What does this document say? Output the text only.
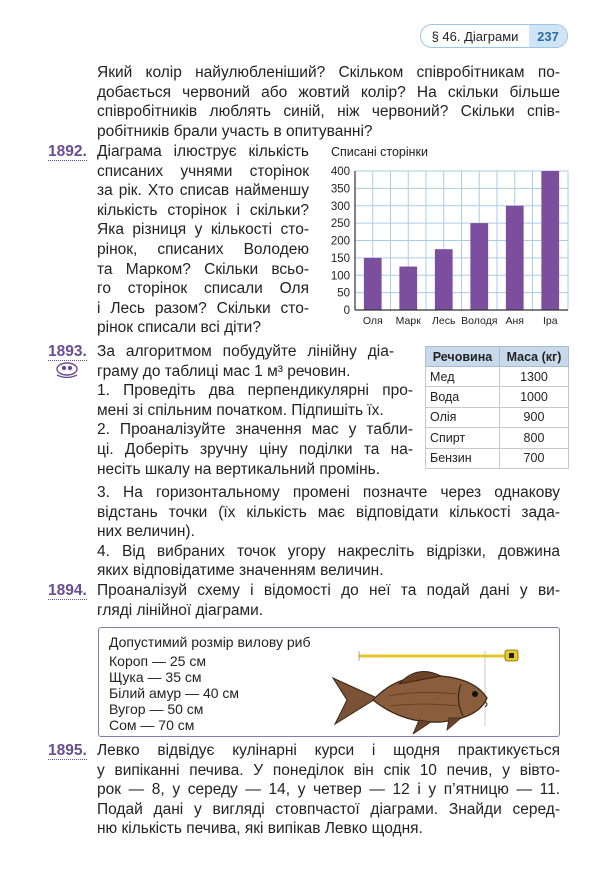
§ 46. Діаграми	237
Який колір найулюбленіший? Скільком співробітникам по-
добається червоний або жовтий колір? На скільки більше
співробітників люблять синій, ніж червоний? Скільки спів-
робітників брали участь в опитуванні?
1892. Діаграма ілюструє кількість
списаних учнями сторінок
за рік. Хто списав найменшу
кількість сторінок і скільки?
Яка різниця у кількості сто-
рінок, списаних Володею
та Марком? Скільки всьо-
го сторінок списали Оля
і Лесь разом? Скільки сто-
рінок списали всі діти?
Списані сторінки
0
50
100
150
200
250
300
350
400
Оля Марк Лесь Володя Аня Іра
1893. За алгоритмом побудуйте лінійну діа-
граму до таблиці мас 1 м³ речовин.
1. Проведіть два перпендикулярні про-
мені зі спільним початком. Підпишіть їх.
2. Проаналізуйте значення мас у табли-
ці. Доберіть зручну ціну поділки та на-
несіть шкалу на вертикальний промінь.
3. На горизонтальному промені позначте через однакову
відстань точки (їх кількість має відповідати кількості зада-
них величин).
4. Від вибраних точок угору накресліть відрізки, довжина
яких відповідатиме значенням величин.
Речовина	Маса (кг)
Мед	1300
Вода	1000
Олія	900
Спирт	800
Бензин	700
1894. Проаналізуй схему і відомості до неї та подай дані у ви-
гляді лінійної діаграми.
Допустимий розмір вилову риб
Короп — 25 см
Щука — 35 см
Білий амур — 40 см
Вугор — 50 см
Сом — 70 см
1895. Левко відвідує кулінарні курси і щодня практикується
у випіканні печива. У понеділок він спік 10 печив, у вівто-
рок — 8, у середу — 14, у четвер — 12 і у п’ятницю — 11.
Подай дані у вигляді стовпчастої діаграми. Знайди серед-
ню кількість печива, які випікав Левко щодня.
